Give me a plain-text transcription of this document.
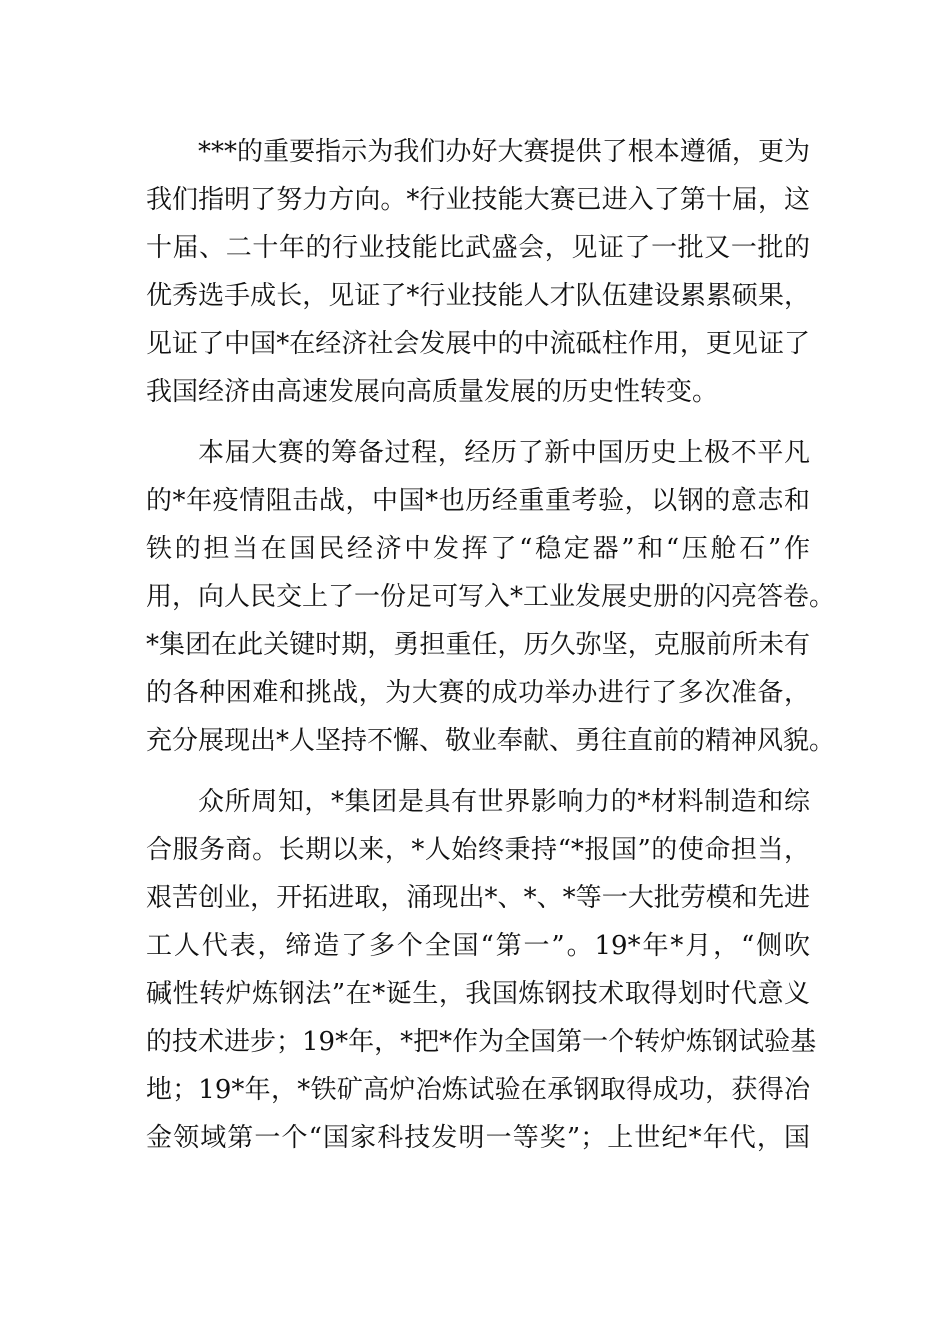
***的重要指示为我们办好大赛提供了根本遵循，更为
我们指明了努力方向。*行业技能大赛已进入了第十届，这
十届、二十年的行业技能比武盛会，见证了一批又一批的
优秀选手成长，见证了*行业技能人才队伍建设累累硕果，
见证了中国*在经济社会发展中的中流砥柱作用，更见证了
我国经济由高速发展向高质量发展的历史性转变。

本届大赛的筹备过程，经历了新中国历史上极不平凡
的*年疫情阻击战，中国*也历经重重考验，以钢的意志和
铁的担当在国民经济中发挥了“稳定器”和“压舱石”作
用，向人民交上了一份足可写入*工业发展史册的闪亮答卷。
*集团在此关键时期，勇担重任，历久弥坚，克服前所未有
的各种困难和挑战，为大赛的成功举办进行了多次准备，
充分展现出*人坚持不懈、敬业奉献、勇往直前的精神风貌。

众所周知，*集团是具有世界影响力的*材料制造和综
合服务商。长期以来，*人始终秉持“*报国”的使命担当，
艰苦创业，开拓进取，涌现出*、*、*等一大批劳模和先进
工人代表，缔造了多个全国“第一”。19*年*月，“侧吹
碱性转炉炼钢法”在*诞生，我国炼钢技术取得划时代意义
的技术进步；19*年，*把*作为全国第一个转炉炼钢试验基
地；19*年，*铁矿高炉冶炼试验在承钢取得成功，获得冶
金领域第一个“国家科技发明一等奖”；上世纪*年代，国
